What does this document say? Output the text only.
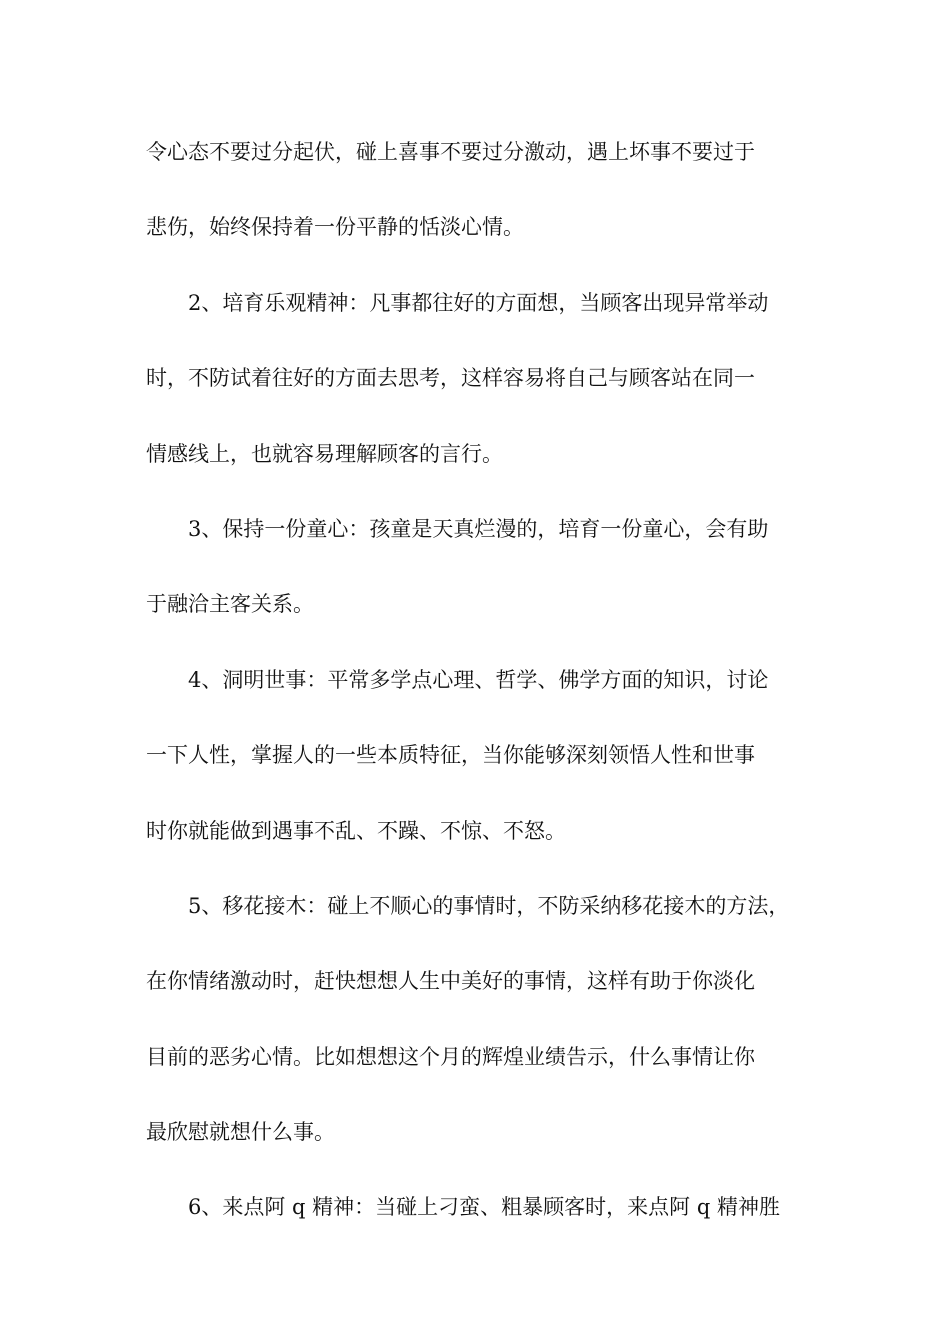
令心态不要过分起伏，碰上喜事不要过分激动，遇上坏事不要过于
悲伤，始终保持着一份平静的恬淡心情。
2、培育乐观精神：凡事都往好的方面想，当顾客出现异常举动
时，不防试着往好的方面去思考，这样容易将自己与顾客站在同一
情感线上，也就容易理解顾客的言行。
3、保持一份童心：孩童是天真烂漫的，培育一份童心，会有助
于融洽主客关系。
4、洞明世事：平常多学点心理、哲学、佛学方面的知识，讨论
一下人性，掌握人的一些本质特征，当你能够深刻领悟人性和世事
时你就能做到遇事不乱、不躁、不惊、不怒。
5、移花接木：碰上不顺心的事情时，不防采纳移花接木的方法，
在你情绪激动时，赶快想想人生中美好的事情，这样有助于你淡化
目前的恶劣心情。比如想想这个月的辉煌业绩告示，什么事情让你
最欣慰就想什么事。
6、来点阿 q 精神：当碰上刁蛮、粗暴顾客时，来点阿 q 精神胜
